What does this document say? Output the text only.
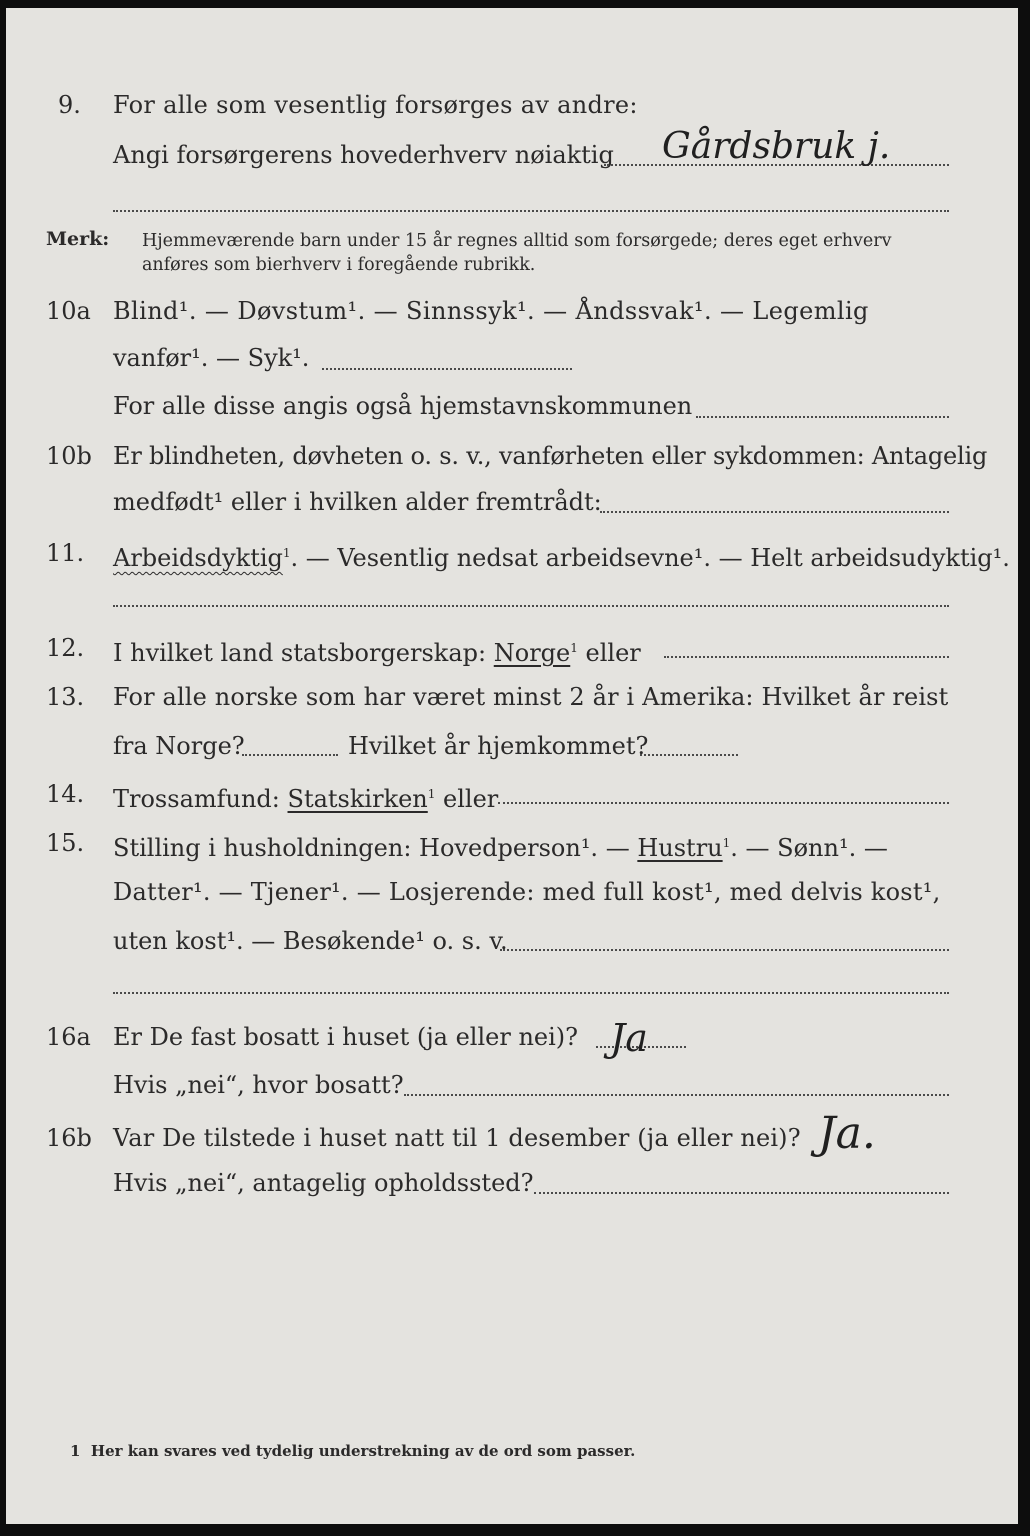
9. For alle som vesentlig forsørges av andre:
Angi forsørgerens hovederhverv nøiaktig Gårdsbruk j.
Merk: Hjemmeværende barn under 15 år regnes alltid som forsørgede; deres eget erhverv
anføres som bierhverv i foregående rubrikk.
10a Blind¹. — Døvstum¹. — Sinnssyk¹. — Åndssvak¹. — Legemlig
vanfør¹. — Syk¹.
For alle disse angis også hjemstavnskommunen
10b Er blindheten, døvheten o. s. v., vanførheten eller sykdommen: Antagelig
medfødt¹ eller i hvilken alder fremtrådt:
11. Arbeidsdyktig$^1$. — Vesentlig nedsat arbeidsevne¹. — Helt arbeidsudyktig¹.
12. I hvilket land statsborgerskap: Norge$^1$ eller
13. For alle norske som har været minst 2 år i Amerika: Hvilket år reist
fra Norge?	Hvilket år hjemkommet?
14. Trossamfund: Statskirken$^1$ eller
15. Stilling i husholdningen: Hovedperson¹. — Hustru$^1$. — Sønn¹. —
Datter¹. — Tjener¹. — Losjerende: med full kost¹, med delvis kost¹,
uten kost¹. — Besøkende¹ o. s. v.
16a Er De fast bosatt i huset (ja eller nei)? Ja
Hvis „nei“, hvor bosatt?
16b Var De tilstede i huset natt til 1 desember (ja eller nei)? Ja.
Hvis „nei“, antagelig opholdssted?
1 Her kan svares ved tydelig understrekning av de ord som passer.
